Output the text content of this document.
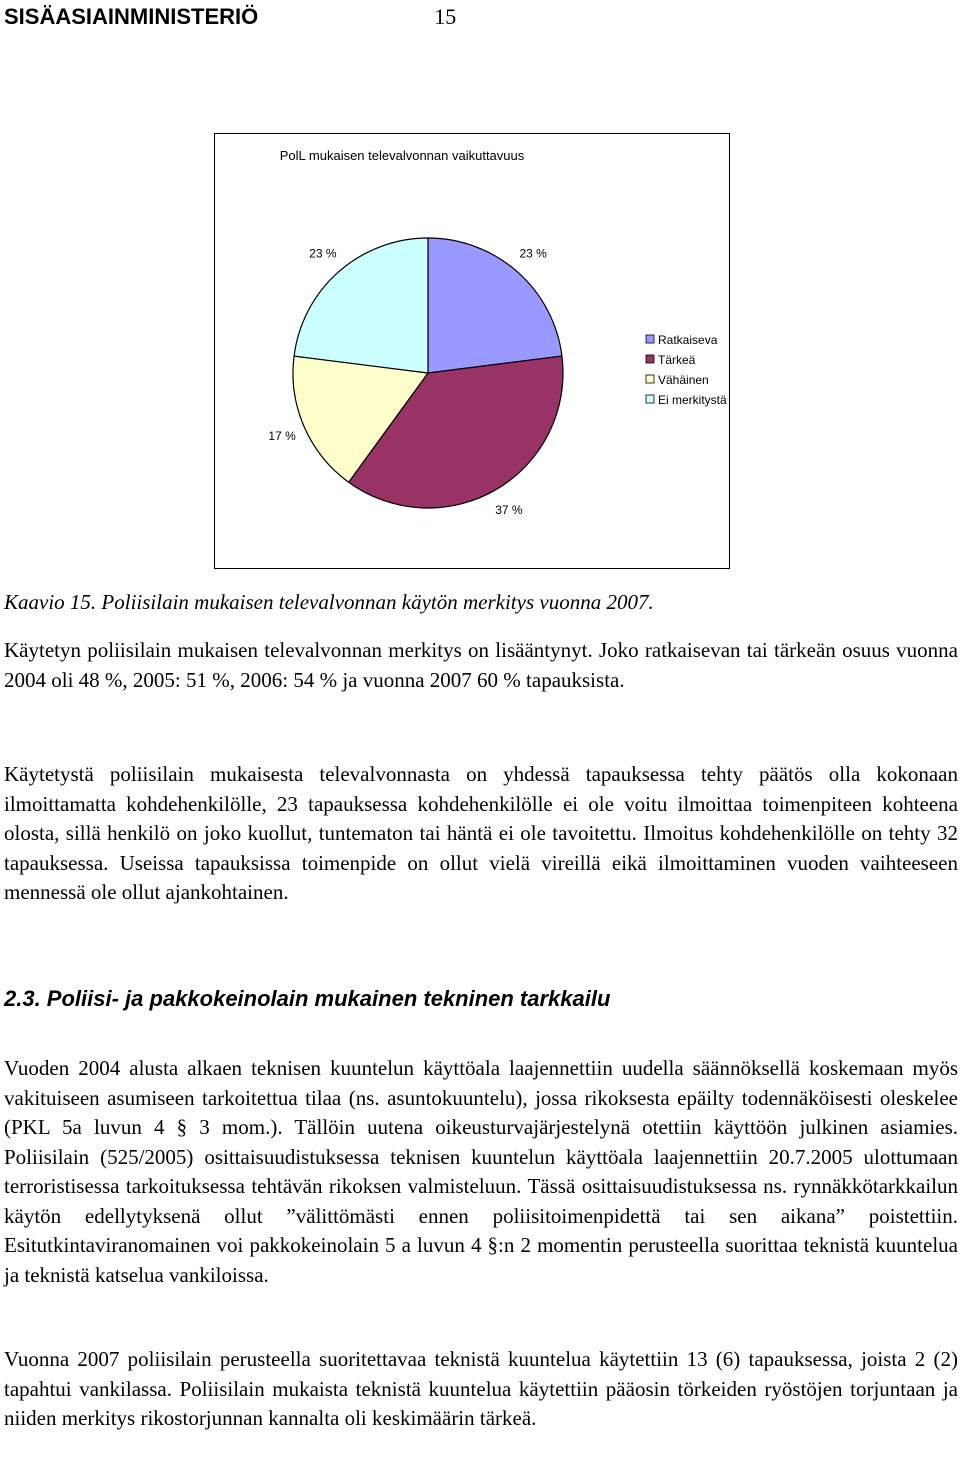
SISÄASIAINMINISTERIÖ	15
PolL mukaisen televalvonnan vaikuttavuus
23 %
37 %
17 %
23 %
Ratkaiseva
Tärkeä
Vähäinen
Ei merkitystä
Kaavio 15. Poliisilain mukaisen televalvonnan käytön merkitys vuonna 2007.
Käytetyn poliisilain mukaisen televalvonnan merkitys on lisääntynyt. Joko ratkaisevan tai tärkeän osuus vuonna 2004 oli 48 %, 2005: 51 %, 2006: 54 % ja vuonna 2007 60 % tapauksista.
Käytetystä poliisilain mukaisesta televalvonnasta on yhdessä tapauksessa tehty päätös olla kokonaan ilmoittamatta kohdehenkilölle, 23 tapauksessa kohdehenkilölle ei ole voitu ilmoittaa toimenpiteen kohteena olosta, sillä henkilö on joko kuollut, tuntematon tai häntä ei ole tavoitettu. Ilmoitus kohdehenkilölle on tehty 32 tapauksessa. Useissa tapauksissa toimenpide on ollut vielä vireillä eikä ilmoittaminen vuoden vaihteeseen mennessä ole ollut ajankohtainen.
2.3. Poliisi- ja pakkokeinolain mukainen tekninen tarkkailu
Vuoden 2004 alusta alkaen teknisen kuuntelun käyttöala laajennettiin uudella säännöksellä koskemaan myös vakituiseen asumiseen tarkoitettua tilaa (ns. asuntokuuntelu), jossa rikoksesta epäilty todennäköisesti oleskelee (PKL 5a luvun 4 § 3 mom.). Tällöin uutena oikeusturvajärjestelynä otettiin käyttöön julkinen asiamies. Poliisilain (525/2005) osittaisuudistuksessa teknisen kuuntelun käyttöala laajennettiin 20.7.2005 ulottumaan terroristisessa tarkoituksessa tehtävän rikoksen valmisteluun. Tässä osittaisuudistuksessa ns. rynnäkkötarkkailun käytön edellytyksenä ollut ”välittömästi ennen poliisitoimenpidettä tai sen aikana” poistettiin. Esitutkintaviranomainen voi pakkokeinolain 5 a luvun 4 §:n 2 momentin perusteella suorittaa teknistä kuuntelua ja teknistä katselua vankiloissa.
Vuonna 2007 poliisilain perusteella suoritettavaa teknistä kuuntelua käytettiin 13 (6) tapauksessa, joista 2 (2) tapahtui vankilassa. Poliisilain mukaista teknistä kuuntelua käytettiin pääosin törkeiden ryöstöjen torjuntaan ja niiden merkitys rikostorjunnan kannalta oli keskimäärin tärkeä.
